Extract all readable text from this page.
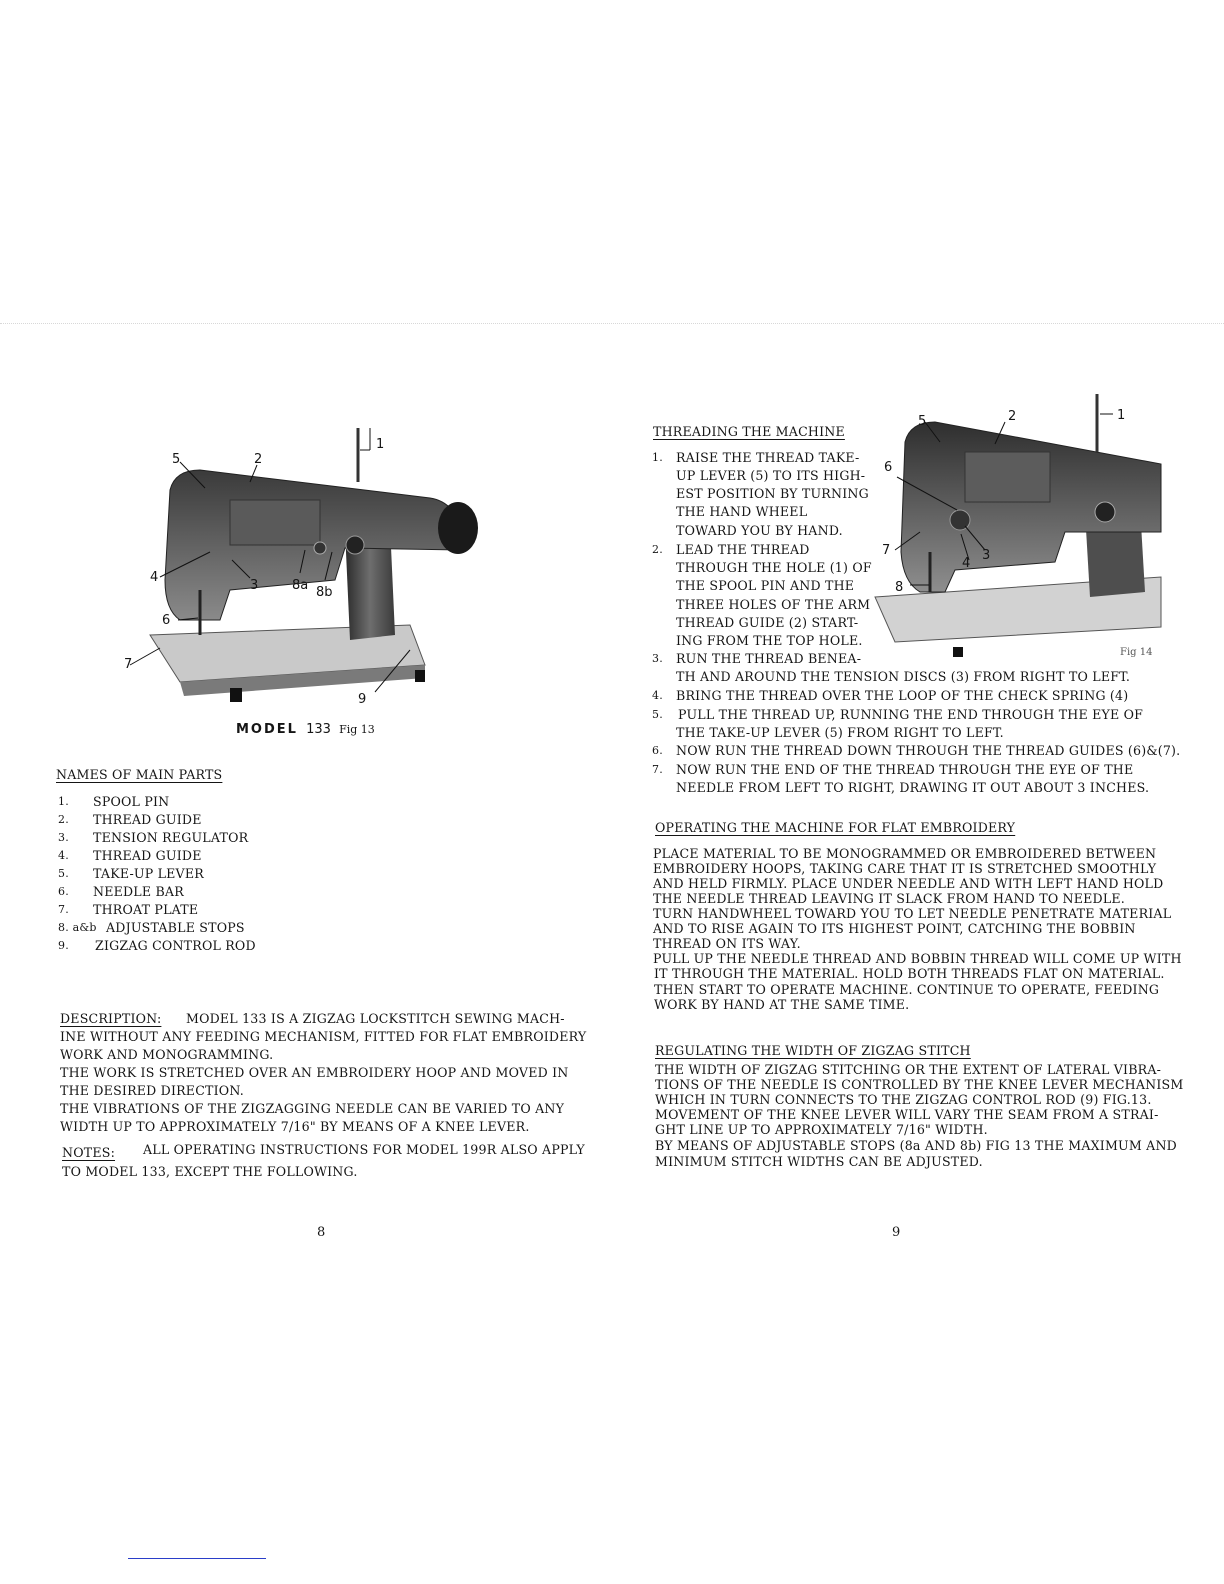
5	2
1
4
3	8a 8b
6
7
9
MODEL 133 Fig 13
NAMES OF MAIN PARTS
1.	SPOOL PIN
2.	THREAD GUIDE
3.	TENSION REGULATOR
4.	THREAD GUIDE
5.	TAKE-UP LEVER
6.	NEEDLE BAR
7.	THROAT PLATE
8. a&b ADJUSTABLE STOPS
9.	ZIGZAG CONTROL ROD
DESCRIPTION: MODEL 133 IS A ZIGZAG LOCKSTITCH SEWING MACH-
INE WITHOUT ANY FEEDING MECHANISM, FITTED FOR FLAT EMBROIDERY
WORK AND MONOGRAMMING.
THE WORK IS STRETCHED OVER AN EMBROIDERY HOOP AND MOVED IN
THE DESIRED DIRECTION.
THE VIBRATIONS OF THE ZIGZAGGING NEEDLE CAN BE VARIED TO ANY
WIDTH UP TO APPROXIMATELY 7/16" BY MEANS OF A KNEE LEVER.
NOTES: ALL OPERATING INSTRUCTIONS FOR MODEL 199R ALSO APPLY
TO MODEL 133, EXCEPT THE FOLLOWING.
8
THREADING THE MACHINE
1. RAISE THE THREAD TAKE-
UP LEVER (5) TO ITS HIGH-
EST POSITION BY TURNING
THE HAND WHEEL
TOWARD YOU BY HAND.
2. LEAD THE THREAD
THROUGH THE HOLE (1) OF
THE SPOOL PIN AND THE
THREE HOLES OF THE ARM
THREAD GUIDE (2) START-
ING FROM THE TOP HOLE.
3. RUN THE THREAD BENEA-
TH AND AROUND THE TENSION DISCS (3) FROM RIGHT TO LEFT.
4. BRING THE THREAD OVER THE LOOP OF THE CHECK SPRING (4)
5. PULL THE THREAD UP, RUNNING THE END THROUGH THE EYE OF
THE TAKE-UP LEVER (5) FROM RIGHT TO LEFT.
6. NOW RUN THE THREAD DOWN THROUGH THE THREAD GUIDES (6)&(7).
7. NOW RUN THE END OF THE THREAD THROUGH THE EYE OF THE
NEEDLE FROM LEFT TO RIGHT, DRAWING IT OUT ABOUT 3 INCHES.
5	2	1
6
7
4
3
8
Fig 14
OPERATING THE MACHINE FOR FLAT EMBROIDERY
PLACE MATERIAL TO BE MONOGRAMMED OR EMBROIDERED BETWEEN
EMBROIDERY HOOPS, TAKING CARE THAT IT IS STRETCHED SMOOTHLY
AND HELD FIRMLY. PLACE UNDER NEEDLE AND WITH LEFT HAND HOLD
THE NEEDLE THREAD LEAVING IT SLACK FROM HAND TO NEEDLE.
TURN HANDWHEEL TOWARD YOU TO LET NEEDLE PENETRATE MATERIAL
AND TO RISE AGAIN TO ITS HIGHEST POINT, CATCHING THE BOBBIN
THREAD ON ITS WAY.
PULL UP THE NEEDLE THREAD AND BOBBIN THREAD WILL COME UP WITH
IT THROUGH THE MATERIAL. HOLD BOTH THREADS FLAT ON MATERIAL.
THEN START TO OPERATE MACHINE. CONTINUE TO OPERATE, FEEDING
WORK BY HAND AT THE SAME TIME.
REGULATING THE WIDTH OF ZIGZAG STITCH
THE WIDTH OF ZIGZAG STITCHING OR THE EXTENT OF LATERAL VIBRA-
TIONS OF THE NEEDLE IS CONTROLLED BY THE KNEE LEVER MECHANISM
WHICH IN TURN CONNECTS TO THE ZIGZAG CONTROL ROD (9) FIG.13.
MOVEMENT OF THE KNEE LEVER WILL VARY THE SEAM FROM A STRAI-
GHT LINE UP TO APPROXIMATELY 7/16" WIDTH.
BY MEANS OF ADJUSTABLE STOPS (8a AND 8b) FIG 13 THE MAXIMUM AND
MINIMUM STITCH WIDTHS CAN BE ADJUSTED.
9
